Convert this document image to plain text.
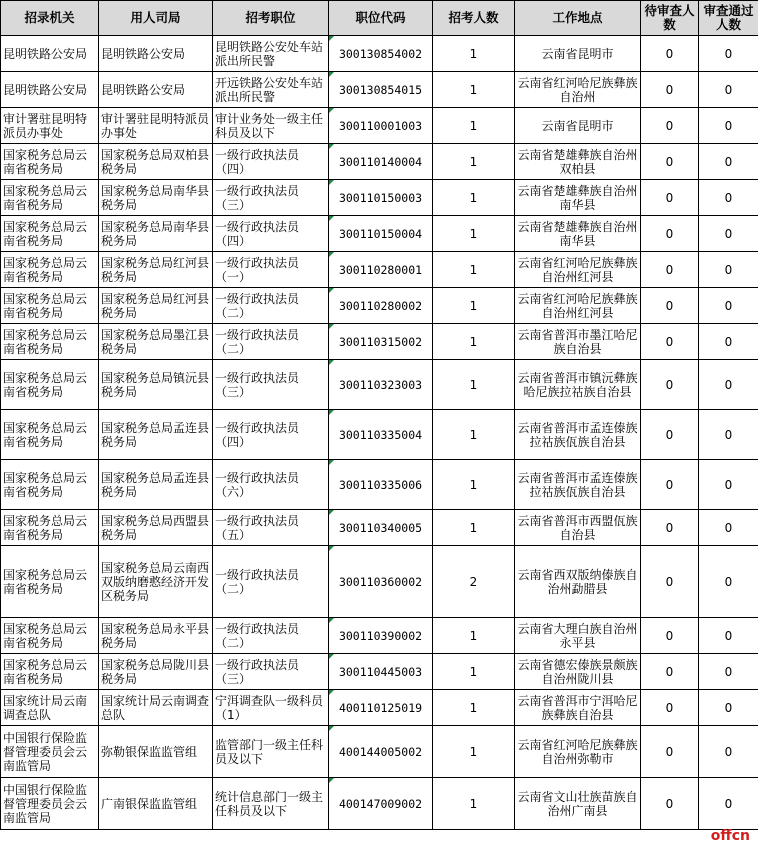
招录机关	用人司局	招考职位	职位代码	招考人数	工作地点	待审查人数	审查通过人数
昆明铁路公安局	昆明铁路公安局	昆明铁路公安处车站派出所民警	300130854002	1	云南省昆明市	0	0
昆明铁路公安局	昆明铁路公安局	开远铁路公安处车站派出所民警	300130854015	1	云南省红河哈尼族彝族自治州	0	0
审计署驻昆明特派员办事处	审计署驻昆明特派员办事处	审计业务处一级主任科员及以下	300110001003	1	云南省昆明市	0	0
国家税务总局云南省税务局	国家税务总局双柏县税务局	一级行政执法员（四）	300110140004	1	云南省楚雄彝族自治州双柏县	0	0
国家税务总局云南省税务局	国家税务总局南华县税务局	一级行政执法员（三）	300110150003	1	云南省楚雄彝族自治州南华县	0	0
国家税务总局云南省税务局	国家税务总局南华县税务局	一级行政执法员（四）	300110150004	1	云南省楚雄彝族自治州南华县	0	0
国家税务总局云南省税务局	国家税务总局红河县税务局	一级行政执法员（一）	300110280001	1	云南省红河哈尼族彝族自治州红河县	0	0
国家税务总局云南省税务局	国家税务总局红河县税务局	一级行政执法员（二）	300110280002	1	云南省红河哈尼族彝族自治州红河县	0	0
国家税务总局云南省税务局	国家税务总局墨江县税务局	一级行政执法员（二）	300110315002	1	云南省普洱市墨江哈尼族自治县	0	0
国家税务总局云南省税务局	国家税务总局镇沅县税务局	一级行政执法员（三）	300110323003	1	云南省普洱市镇沅彝族哈尼族拉祜族自治县	0	0
国家税务总局云南省税务局	国家税务总局孟连县税务局	一级行政执法员（四）	300110335004	1	云南省普洱市孟连傣族拉祜族佤族自治县	0	0
国家税务总局云南省税务局	国家税务总局孟连县税务局	一级行政执法员（六）	300110335006	1	云南省普洱市孟连傣族拉祜族佤族自治县	0	0
国家税务总局云南省税务局	国家税务总局西盟县税务局	一级行政执法员（五）	300110340005	1	云南省普洱市西盟佤族自治县	0	0
国家税务总局云南省税务局	国家税务总局云南西双版纳磨憨经济开发区税务局	一级行政执法员（二）	300110360002	2	云南省西双版纳傣族自治州勐腊县	0	0
国家税务总局云南省税务局	国家税务总局永平县税务局	一级行政执法员（二）	300110390002	1	云南省大理白族自治州永平县	0	0
国家税务总局云南省税务局	国家税务总局陇川县税务局	一级行政执法员（三）	300110445003	1	云南省德宏傣族景颇族自治州陇川县	0	0
国家统计局云南调查总队	国家统计局云南调查总队	宁洱调查队一级科员（1）	400110125019	1	云南省普洱市宁洱哈尼族彝族自治县	0	0
中国银行保险监督管理委员会云南监管局	弥勒银保监监管组	监管部门一级主任科员及以下	400144005002	1	云南省红河哈尼族彝族自治州弥勒市	0	0
中国银行保险监督管理委员会云南监管局	广南银保监监管组	统计信息部门一级主任科员及以下	400147009002	1	云南省文山壮族苗族自治州广南县	0	0
offcn
